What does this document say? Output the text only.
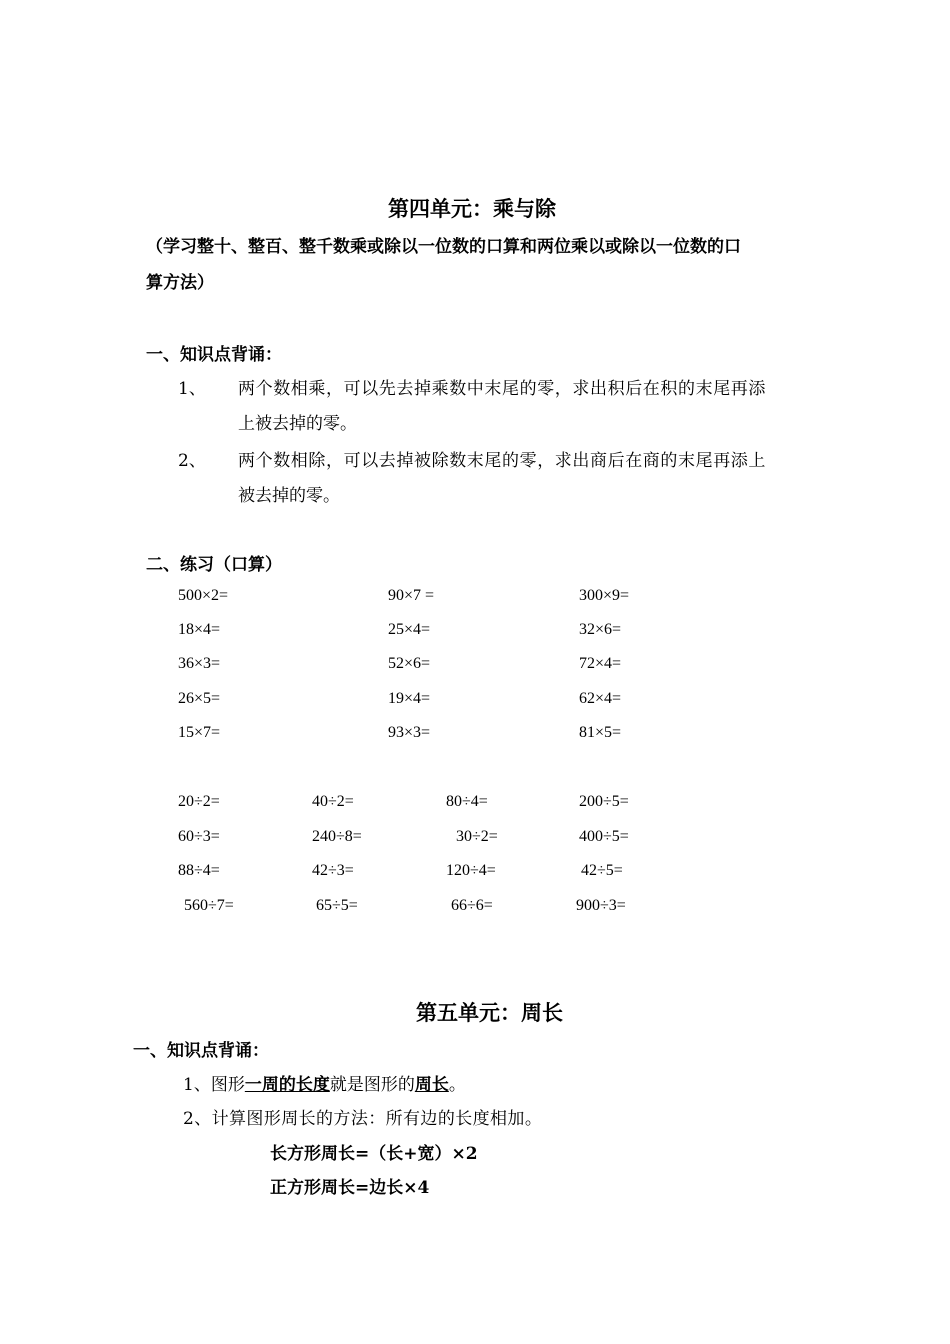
第四单元：乘与除
（学习整十、整百、整千数乘或除以一位数的口算和两位乘以或除以一位数的口
算方法）
一、知识点背诵：
1、 两个数相乘，可以先去掉乘数中末尾的零，求出积后在积的末尾再添
上被去掉的零。
2、 两个数相除，可以去掉被除数末尾的零，求出商后在商的末尾再添上
被去掉的零。
二、练习（口算）
500×2=	90×7 =	300×9=
18×4=	25×4=	32×6=
36×3=	52×6=	72×4=
26×5=	19×4=	62×4=
15×7=	93×3=	81×5=
20÷2=	40÷2=	80÷4=	200÷5=
60÷3=	240÷8=	30÷2=	400÷5=
88÷4=	42÷3=	120÷4=	42÷5=
560÷7=	65÷5=	66÷6=	900÷3=
第五单元：周长
一、知识点背诵：
1、图形一周的长度就是图形的周长。
2、计算图形周长的方法：所有边的长度相加。
长方形周长=（长+宽）×2
正方形周长=边长×4
